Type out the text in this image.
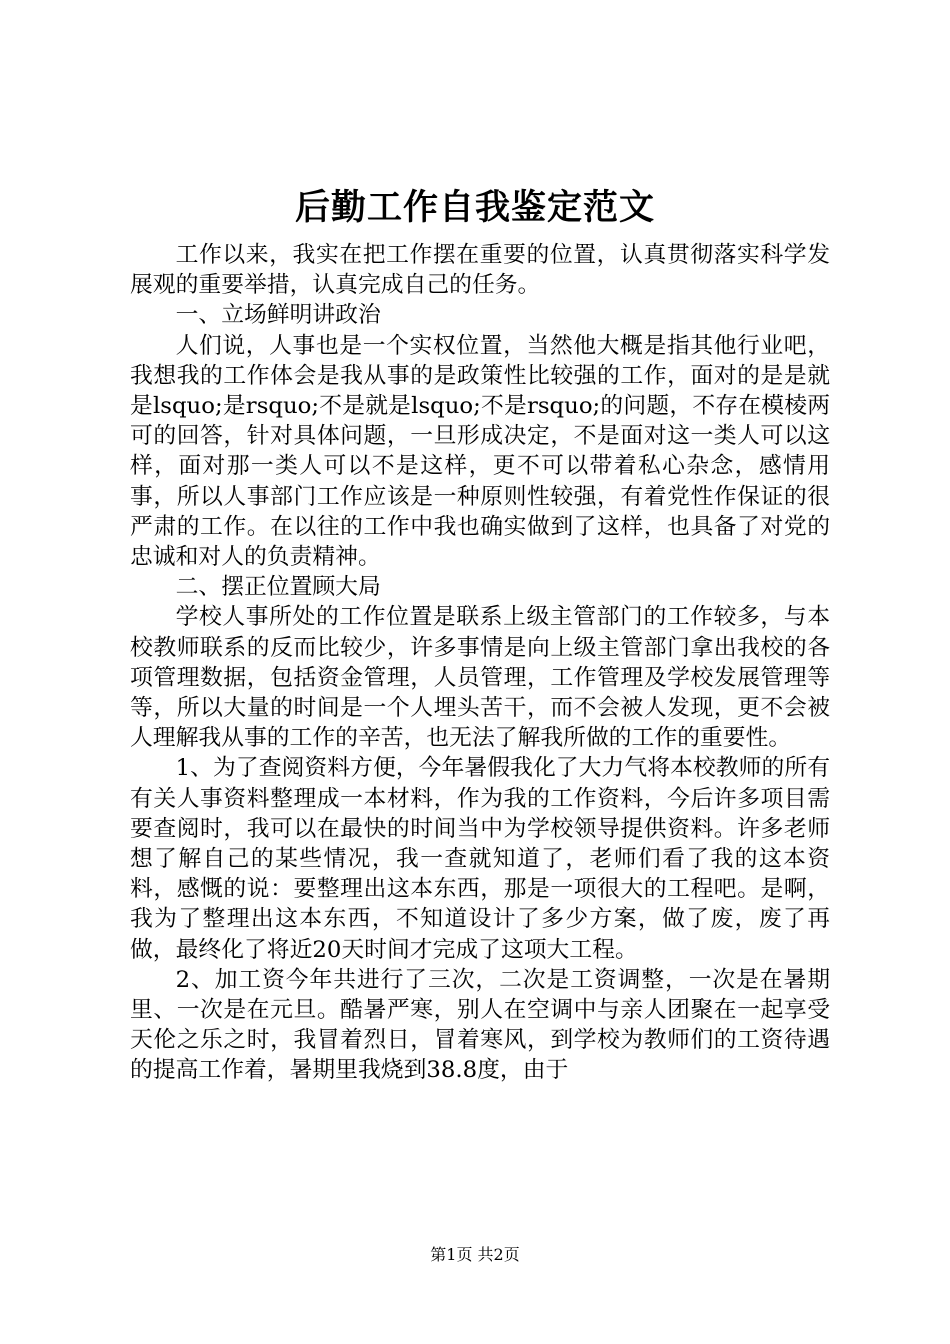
后勤工作自我鉴定范文

工作以来，我实在把工作摆在重要的位置，认真贯彻落实科学发展观的重要举措，认真完成自己的任务。

一、立场鲜明讲政治

人们说，人事也是一个实权位置，当然他大概是指其他行业吧，我想我的工作体会是我从事的是政策性比较强的工作，面对的是是就是lsquo;是rsquo;不是就是lsquo;不是rsquo;的问题，不存在模棱两可的回答，针对具体问题，一旦形成决定，不是面对这一类人可以这样，面对那一类人可以不是这样，更不可以带着私心杂念，感情用事，所以人事部门工作应该是一种原则性较强，有着党性作保证的很严肃的工作。在以往的工作中我也确实做到了这样，也具备了对党的忠诚和对人的负责精神。

二、摆正位置顾大局

学校人事所处的工作位置是联系上级主管部门的工作较多，与本校教师联系的反而比较少，许多事情是向上级主管部门拿出我校的各项管理数据，包括资金管理，人员管理，工作管理及学校发展管理等等，所以大量的时间是一个人埋头苦干，而不会被人发现，更不会被人理解我从事的工作的辛苦，也无法了解我所做的工作的重要性。

1、为了查阅资料方便，今年暑假我化了大力气将本校教师的所有有关人事资料整理成一本材料，作为我的工作资料，今后许多项目需要查阅时，我可以在最快的时间当中为学校领导提供资料。许多老师想了解自己的某些情况，我一查就知道了，老师们看了我的这本资料，感慨的说：要整理出这本东西，那是一项很大的工程吧。是啊，我为了整理出这本东西，不知道设计了多少方案，做了废，废了再做，最终化了将近20天时间才完成了这项大工程。

2、加工资今年共进行了三次，二次是工资调整，一次是在暑期里、一次是在元旦。酷暑严寒，别人在空调中与亲人团聚在一起享受天伦之乐之时，我冒着烈日，冒着寒风，到学校为教师们的工资待遇的提高工作着，暑期里我烧到38.8度，由于

第1页 共2页
